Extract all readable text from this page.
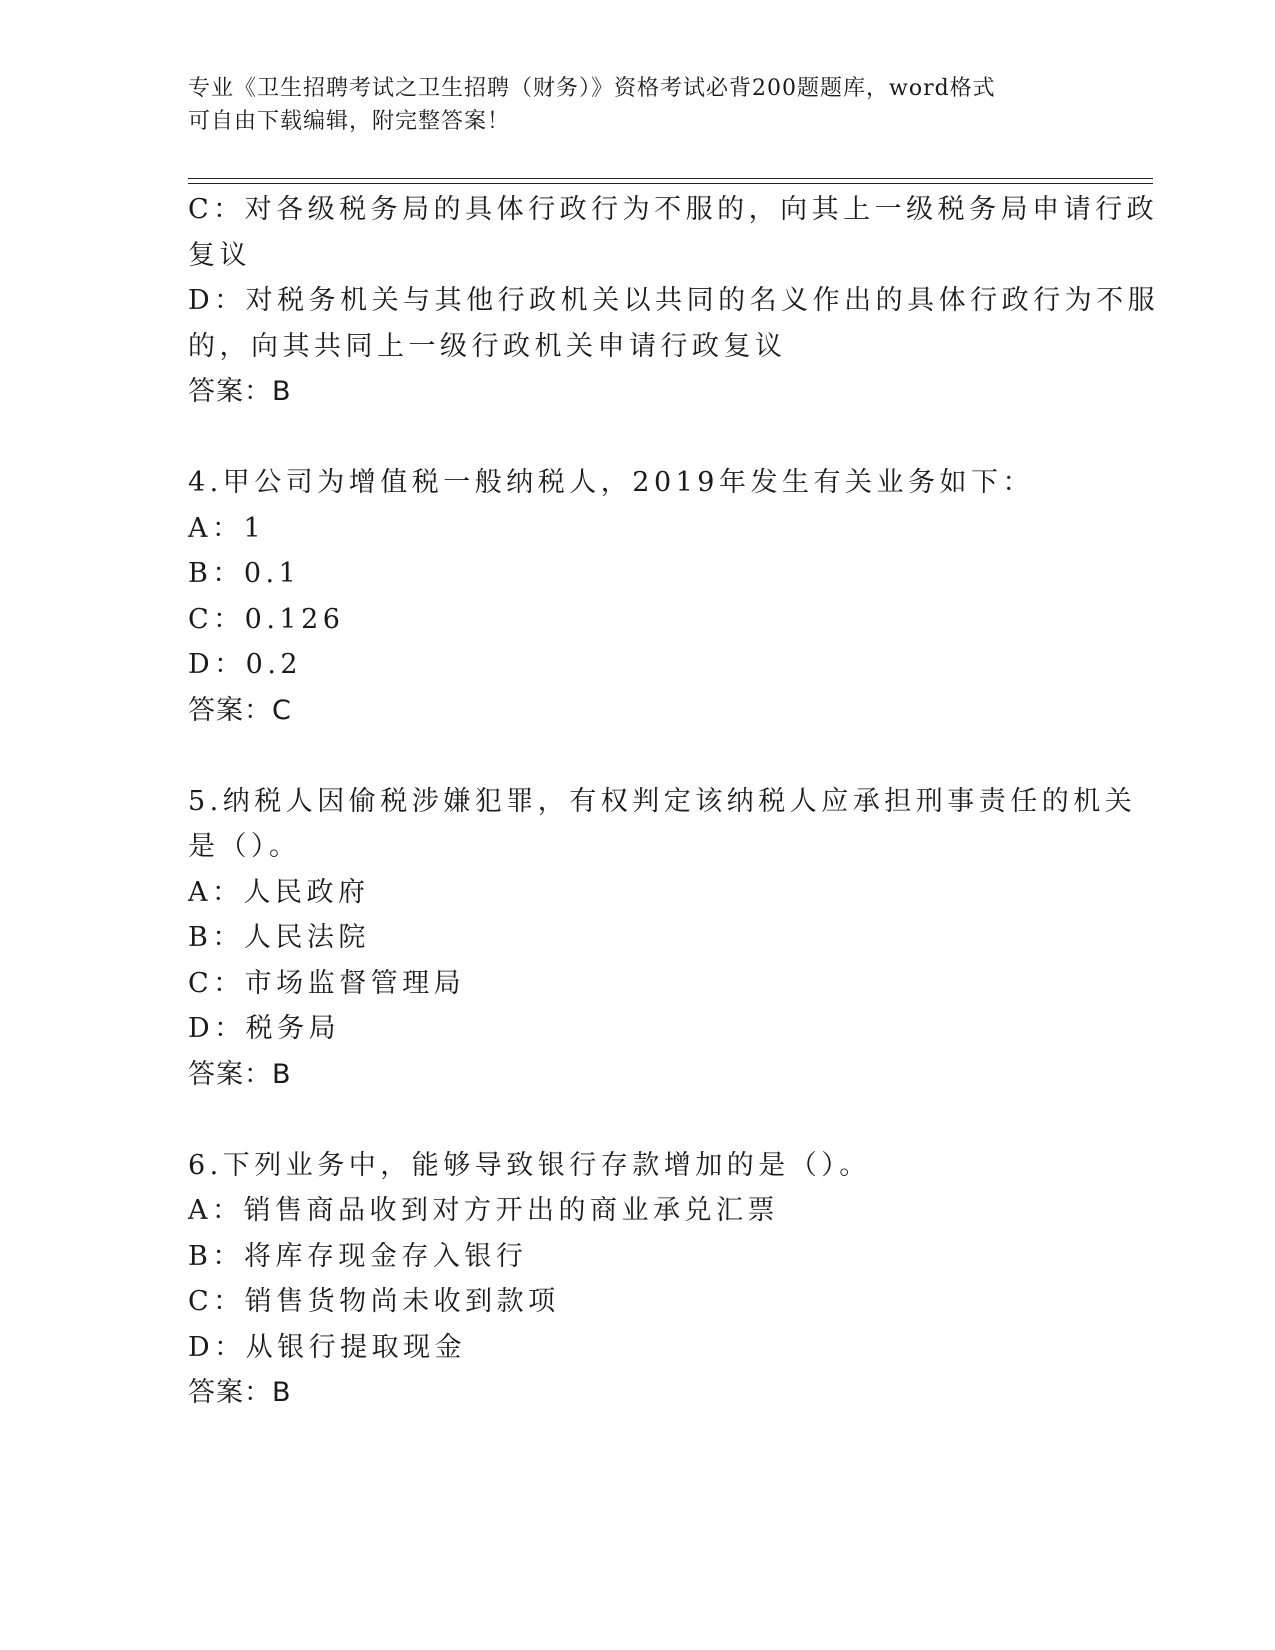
专业《卫生招聘考试之卫生招聘（财务）》资格考试必背200题题库，word格式
可自由下载编辑，附完整答案！
C：对各级税务局的具体行政行为不服的，向其上一级税务局申请行政
复议
D：对税务机关与其他行政机关以共同的名义作出的具体行政行为不服
的，向其共同上一级行政机关申请行政复议
答案：B
4.甲公司为增值税一般纳税人，2019年发生有关业务如下：
A：1
B：0.1
C：0.126
D：0.2
答案：C
5.纳税人因偷税涉嫌犯罪，有权判定该纳税人应承担刑事责任的机关
是（）。
A：人民政府
B：人民法院
C：市场监督管理局
D：税务局
答案：B
6.下列业务中，能够导致银行存款增加的是（）。
A：销售商品收到对方开出的商业承兑汇票
B：将库存现金存入银行
C：销售货物尚未收到款项
D：从银行提取现金
答案：B
